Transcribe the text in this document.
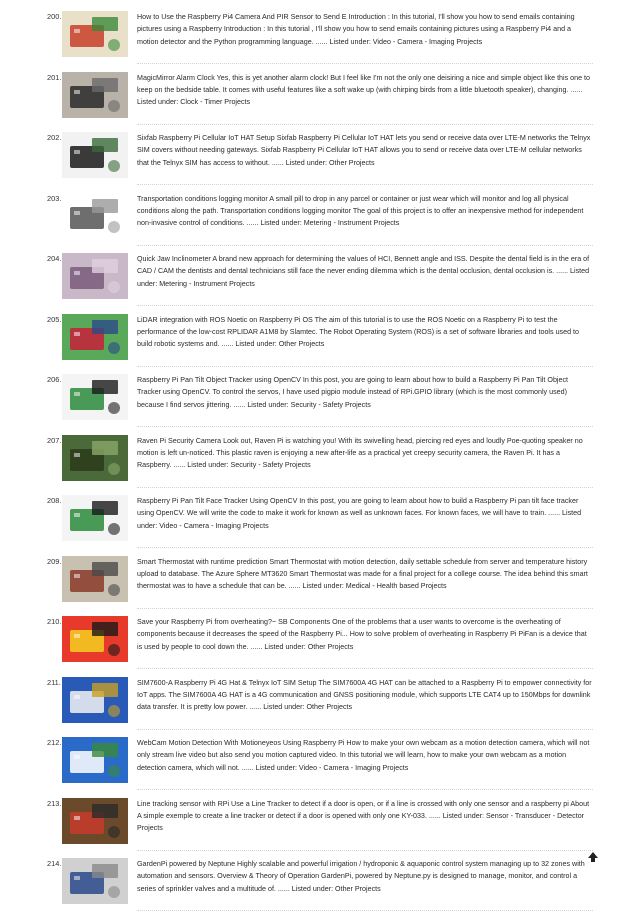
200.	How to Use the Raspberry Pi4 Camera And PIR Sensor to Send E Introduction : In this tutorial, I'll show you how to send emails containing pictures using a Raspberry Introduction : In this tutorial , I'll show you how to send emails containing pictures using a Raspberry Pi4 and a motion detector and the Python programming language. ...... Listed under: Video - Camera - Imaging Projects
201.	MagicMirror Alarm Clock Yes, this is yet another alarm clock! But I feel like I'm not the only one deisiring a nice and simple object like this one to keep on the bedside table. It comes with useful features like a soft wake up (with chirping birds from a little bluetooth speaker), changing. ...... Listed under: Clock - Timer Projects
202.	Sixfab Raspberry Pi Cellular IoT HAT Setup Sixfab Raspberry Pi Cellular IoT HAT lets you send or receive data over LTE-M networks the Telnyx SIM covers without needing gateways. Sixfab Raspberry Pi Cellular IoT HAT allows you to send or receive data over LTE-M cellular networks that the Telnyx SIM has access to without. ...... Listed under: Other Projects
203.	Transportation conditions logging monitor A small pill to drop in any parcel or container or just wear which will monitor and log all physical conditions along the path. Transportation conditions logging monitor The goal of this project is to offer an inexpensive method for independent non-invasive control of conditions. ...... Listed under: Metering - Instrument Projects
204.	Quick Jaw Inclinometer A brand new approach for determining the values of HCI, Bennett angle and ISS. Despite the dental field is in the era of CAD / CAM the dentists and dental technicians still face the never ending dilemma which is the dental occlusion, dental occlusion is. ...... Listed under: Metering - Instrument Projects
205.	LiDAR integration with ROS Noetic on Raspberry Pi OS The aim of this tutorial is to use the ROS Noetic on a Raspberry Pi to test the performance of the low-cost RPLIDAR A1M8 by Slamtec. The Robot Operating System (ROS) is a set of software libraries and tools used to build robotic systems and. ...... Listed under: Other Projects
206.	Raspberry Pi Pan Tilt Object Tracker using OpenCV In this post, you are going to learn about how to build a Raspberry Pi Pan Tilt Object Tracker using OpenCV. To control the servos, I have used pigpio module instead of RPi.GPIO library (which is the most commonly used) because I find servos jittering. ...... Listed under: Security - Safety Projects
207.	Raven Pi Security Camera Look out, Raven Pi is watching you! With its swivelling head, piercing red eyes and loudly Poe-quoting speaker no motion is left un-noticed. This plastic raven is enjoying a new after-life as a practical yet creepy security camera, the Raven Pi. It has a Raspberry. ...... Listed under: Security - Safety Projects
208.	Raspberry Pi Pan Tilt Face Tracker Using OpenCV In this post, you are going to learn about how to build a Raspberry Pi pan tilt face tracker using OpenCV. We will write the code to make it work for known as well as unknown faces. For known faces, we will have to train. ...... Listed under: Video - Camera - Imaging Projects
209.	Smart Thermostat with runtime prediction Smart Thermostat with motion detection, daily settable schedule from server and temperature history upload to database. The Azure Sphere MT3620 Smart Thermostat was made for a final project for a college course. The idea behind this smart thermostat was to have a schedule that can be. ...... Listed under: Medical - Health based Projects
210.	Save your Raspberry Pi from overheating?~ SB Components One of the problems that a user wants to overcome is the overheating of components because it decreases the speed of the Raspberry Pi... How to solve problem of overheating in Raspberry Pi PiFan is a device that is used by people to cool down the. ...... Listed under: Other Projects
211.	SIM7600-A Raspberry Pi 4G Hat & Telnyx IoT SIM Setup The SIM7600A 4G HAT can be attached to a Raspberry Pi to empower connectivity for IoT apps. The SIM7600A 4G HAT is a 4G communication and GNSS positioning module, which supports LTE CAT4 up to 150Mbps for downlink data transfer. It is pretty low power. ...... Listed under: Other Projects
212.	WebCam Motion Detection With Motioneyeos Using Raspberry Pi How to make your own webcam as a motion detection camera, which will not only stream live video but also send you motion captured video. In this tutorial we will learn, how to make your own webcam as a motion detection camera, which will not. ...... Listed under: Video - Camera - Imaging Projects
213.	Line tracking sensor with RPi Use a Line Tracker to detect if a door is open, or if a line is crossed with only one sensor and a raspberry pi About A simple exemple to create a line tracker or detect if a door is opened with only one KY-033. ...... Listed under: Sensor - Transducer - Detector Projects
214.	GardenPi powered by Neptune Highly scalable and powerful irrigation / hydroponic & aquaponic control system managing up to 32 zones with automation and sensors. Overview & Theory of Operation GardenPi, powered by Neptune.py is designed to manage, monitor, and control a series of sprinkler valves and a multitude of. ...... Listed under: Other Projects
